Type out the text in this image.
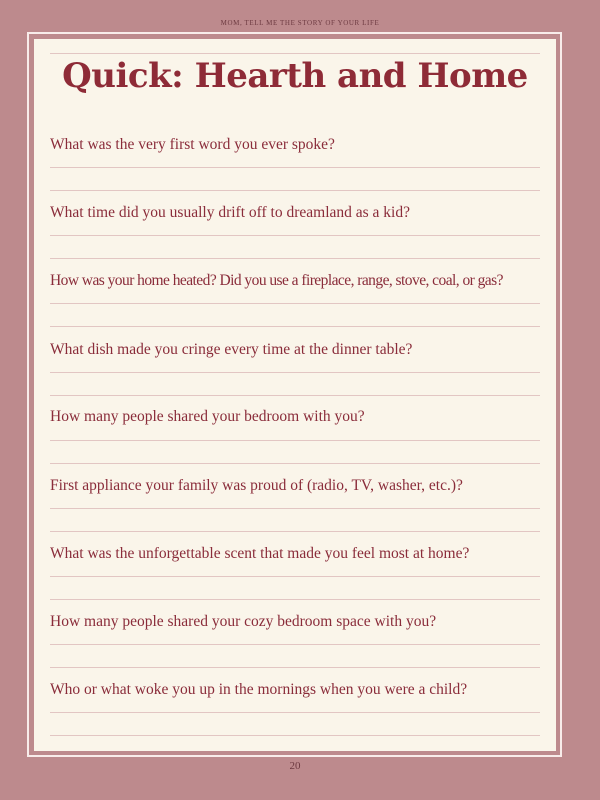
MOM, TELL ME THE STORY OF YOUR LIFE
Quick: Hearth and Home
What was the very first word you ever spoke?
What time did you usually drift off to dreamland as a kid?
How was your home heated? Did you use a fireplace, range, stove, coal, or gas?
What dish made you cringe every time at the dinner table?
How many people shared your bedroom with you?
First appliance your family was proud of (radio, TV, washer, etc.)?
What was the unforgettable scent that made you feel most at home?
How many people shared your cozy bedroom space with you?
Who or what woke you up in the mornings when you were a child?
20
